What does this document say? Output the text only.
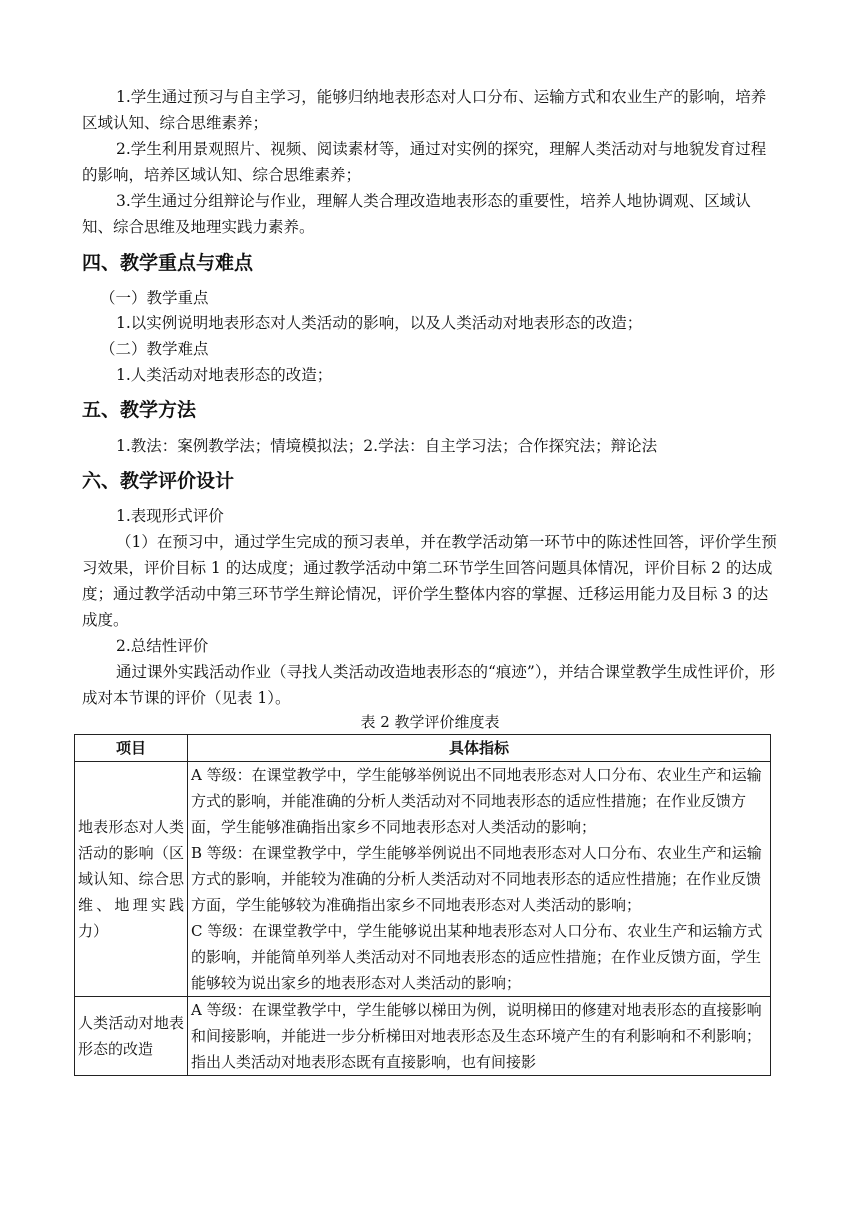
1.学生通过预习与自主学习，能够归纳地表形态对人口分布、运输方式和农业生产的影响，培养区域认知、综合思维素养；

2.学生利用景观照片、视频、阅读素材等，通过对实例的探究，理解人类活动对与地貌发育过程的影响，培养区域认知、综合思维素养；

3.学生通过分组辩论与作业，理解人类合理改造地表形态的重要性，培养人地协调观、区域认知、综合思维及地理实践力素养。

四、教学重点与难点

（一）教学重点

1.以实例说明地表形态对人类活动的影响，以及人类活动对地表形态的改造；

（二）教学难点

1.人类活动对地表形态的改造；

五、教学方法

1.教法：案例教学法；情境模拟法；2.学法：自主学习法；合作探究法；辩论法

六、教学评价设计

1.表现形式评价

（1）在预习中，通过学生完成的预习表单，并在教学活动第一环节中的陈述性回答，评价学生预习效果，评价目标 1 的达成度；通过教学活动中第二环节学生回答问题具体情况，评价目标 2 的达成度；通过教学活动中第三环节学生辩论情况，评价学生整体内容的掌握、迁移运用能力及目标 3 的达成度。

2.总结性评价

通过课外实践活动作业（寻找人类活动改造地表形态的“痕迹”），并结合课堂教学生成性评价，形成对本节课的评价（见表 1）。

表 2 教学评价维度表
项目	具体指标
地表形态对人类活动的影响（区域认知、综合思维、地理实践力）	A 等级：在课堂教学中，学生能够举例说出不同地表形态对人口分布、农业生产和运输方式的影响，并能准确的分析人类活动对不同地表形态的适应性措施；在作业反馈方面，学生能够准确指出家乡不同地表形态对人类活动的影响；
B 等级：在课堂教学中，学生能够举例说出不同地表形态对人口分布、农业生产和运输方式的影响，并能较为准确的分析人类活动对不同地表形态的适应性措施；在作业反馈方面，学生能够较为准确指出家乡不同地表形态对人类活动的影响；
C 等级：在课堂教学中，学生能够说出某种地表形态对人口分布、农业生产和运输方式的影响，并能简单列举人类活动对不同地表形态的适应性措施；在作业反馈方面，学生能够较为说出家乡的地表形态对人类活动的影响；

人类活动对地表形态的改造	A 等级：在课堂教学中，学生能够以梯田为例，说明梯田的修建对地表形态的直接影响和间接影响，并能进一步分析梯田对地表形态及生态环境产生的有利影响和不利影响；指出人类活动对地表形态既有直接影响，也有间接影
